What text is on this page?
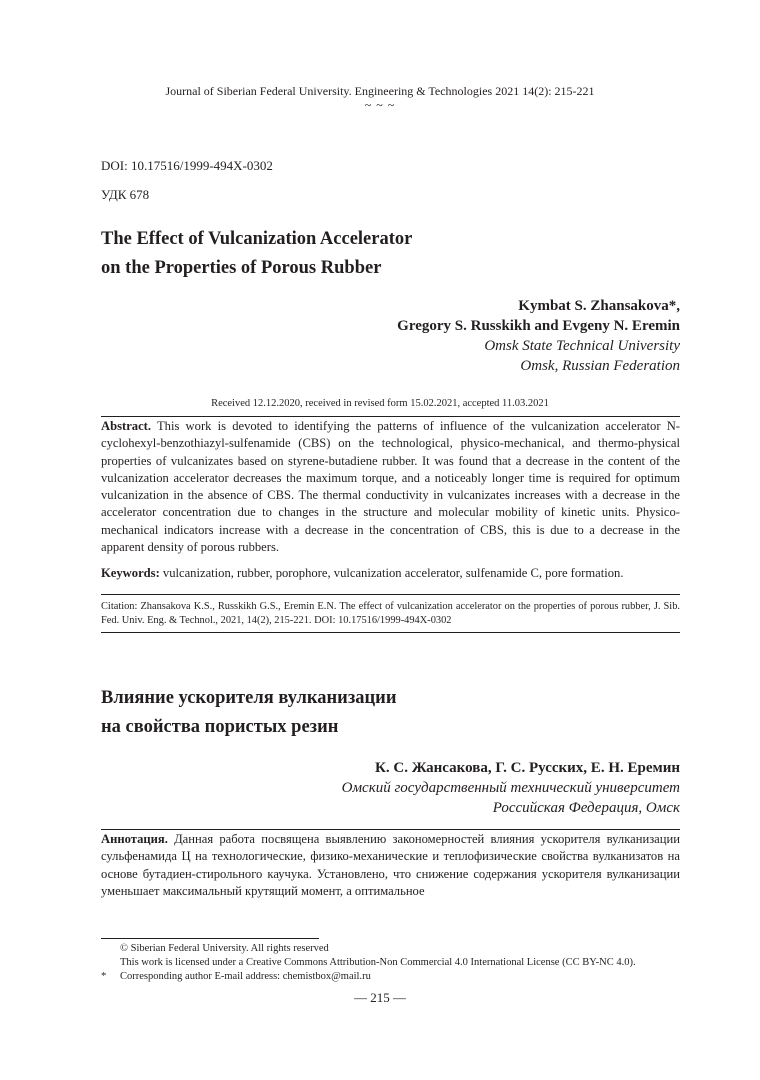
Journal of Siberian Federal University. Engineering & Technologies 2021 14(2): 215-221
~ ~ ~
DOI: 10.17516/1999-494X-0302
УДК 678
The Effect of Vulcanization Accelerator
on the Properties of Porous Rubber
Kymbat S. Zhansakova*,
Gregory S. Russkikh and Evgeny N. Eremin
Omsk State Technical University
Omsk, Russian Federation
Received 12.12.2020, received in revised form 15.02.2021, accepted 11.03.2021
Abstract. This work is devoted to identifying the patterns of influence of the vulcanization accelerator N-cyclohexyl-benzothiazyl-sulfenamide (CBS) on the technological, physico-mechanical, and thermo-physical properties of vulcanizates based on styrene-butadiene rubber. It was found that a decrease in the content of the vulcanization accelerator decreases the maximum torque, and a noticeably longer time is required for optimum vulcanization in the absence of CBS. The thermal conductivity in vulcanizates increases with a decrease in the accelerator concentration due to changes in the structure and molecular mobility of kinetic units. Physico-mechanical indicators increase with a decrease in the concentration of CBS, this is due to a decrease in the apparent density of porous rubbers.
Keywords: vulcanization, rubber, porophore, vulcanization accelerator, sulfenamide C, pore formation.
Citation: Zhansakova K.S., Russkikh G.S., Eremin E.N. The effect of vulcanization accelerator on the properties of porous rubber, J. Sib. Fed. Univ. Eng. & Technol., 2021, 14(2), 215-221. DOI: 10.17516/1999-494X-0302
Влияние ускорителя вулканизации
на свойства пористых резин
К. С. Жансакова, Г. С. Русских, Е. Н. Еремин
Омский государственный технический университет
Российская Федерация, Омск
Аннотация. Данная работа посвящена выявлению закономерностей влияния ускорителя вулканизации сульфенамида Ц на технологические, физико-механические и теплофизические свойства вулканизатов на основе бутадиен-стирольного каучука. Установлено, что снижение содержания ускорителя вулканизации уменьшает максимальный крутящий момент, а оптимальное
© Siberian Federal University. All rights reserved
This work is licensed under a Creative Commons Attribution-Non Commercial 4.0 International License (CC BY-NC 4.0).
*	Corresponding author E-mail address: chemistbox@mail.ru
— 215 —
